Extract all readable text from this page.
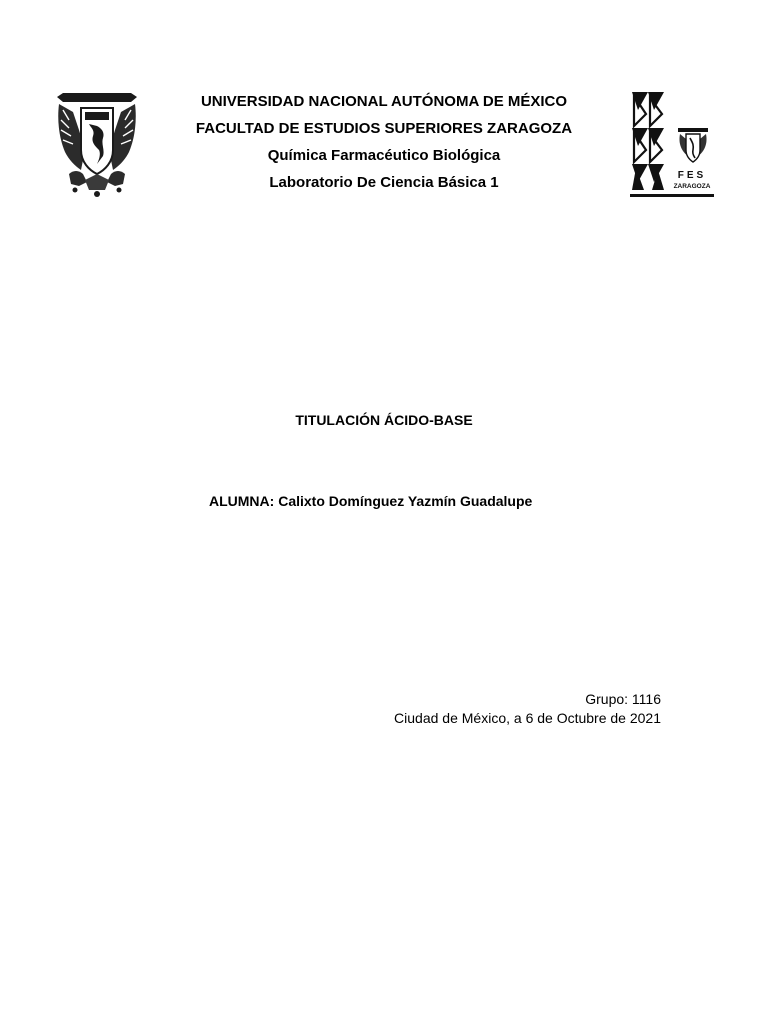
FES
ZARAGOZA
UNIVERSIDAD NACIONAL AUTÓNOMA DE MÉXICO
FACULTAD DE ESTUDIOS SUPERIORES ZARAGOZA
Química Farmacéutico Biológica
Laboratorio De Ciencia Básica 1
TITULACIÓN ÁCIDO-BASE
ALUMNA: Calixto Domínguez Yazmín Guadalupe
Grupo: 1116
Ciudad de México, a 6 de Octubre de 2021
